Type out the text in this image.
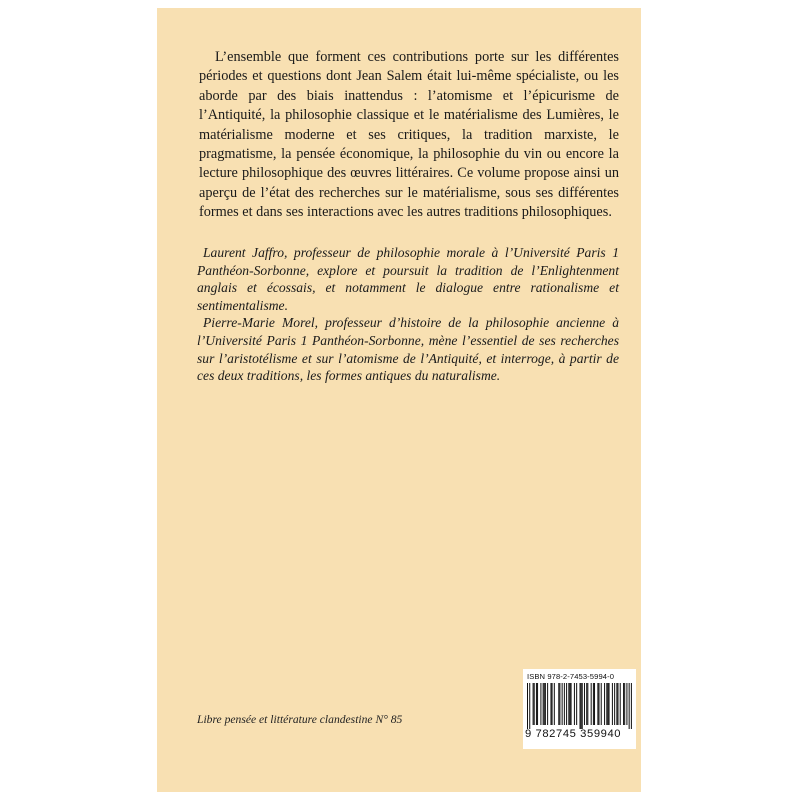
L’ensemble que forment ces contributions porte sur les différentes périodes et questions dont Jean Salem était lui-même spécialiste, ou les aborde par des biais inattendus : l’atomisme et l’épicurisme de l’Antiquité, la philosophie classique et le matérialisme des Lumières, le matérialisme moderne et ses critiques, la tradition marxiste, le pragmatisme, la pensée économique, la philosophie du vin ou encore la lecture philosophique des œuvres littéraires. Ce volume propose ainsi un aperçu de l’état des recherches sur le matérialisme, sous ses différentes formes et dans ses interactions avec les autres traditions philosophiques.

Laurent Jaffro, professeur de philosophie morale à l’Université Paris 1 Panthéon-Sorbonne, explore et poursuit la tradition de l’Enlightenment anglais et écossais, et notamment le dialogue entre rationalisme et sentimentalisme.

Pierre-Marie Morel, professeur d’histoire de la philosophie ancienne à l’Université Paris 1 Panthéon-Sorbonne, mène l’essentiel de ses recherches sur l’aristotélisme et sur l’atomisme de l’Antiquité, et interroge, à partir de ces deux traditions, les formes antiques du naturalisme.

Libre pensée et littérature clandestine N° 85
ISBN 978-2-7453-5994-0
9 782745 359940
